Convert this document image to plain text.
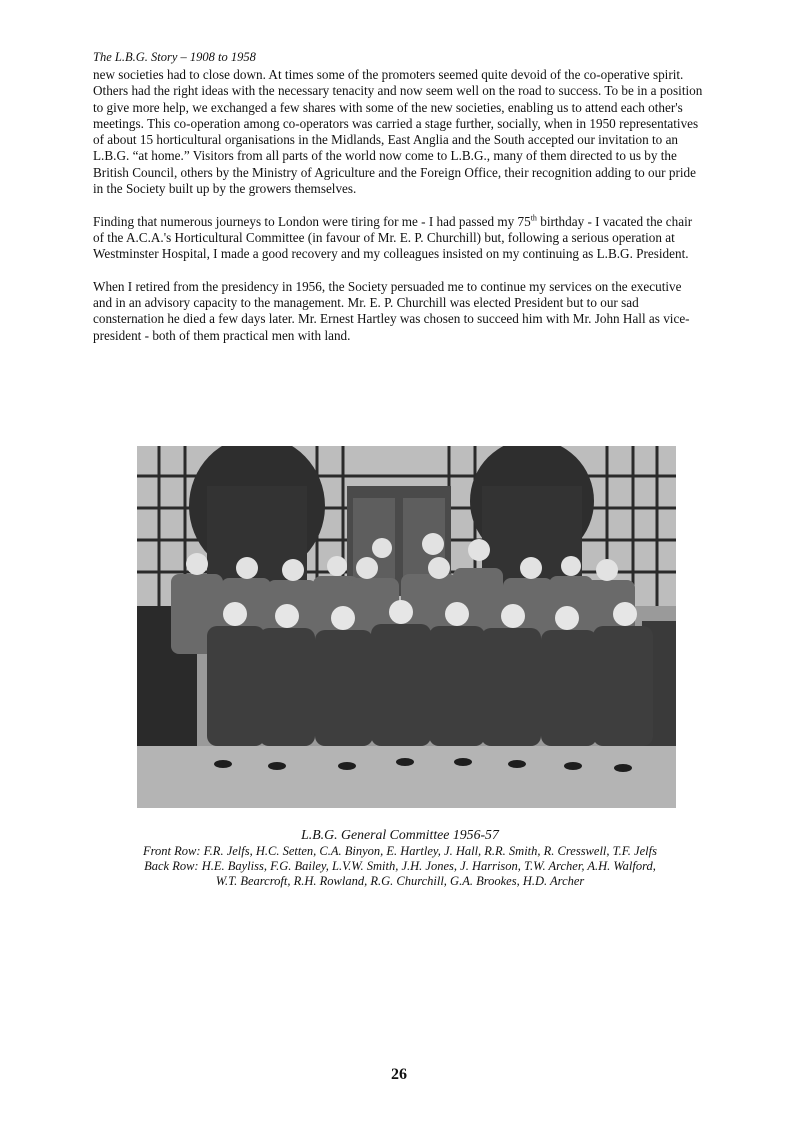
The L.B.G. Story – 1908 to 1958

new societies had to close down. At times some of the promoters seemed quite devoid of the co-operative spirit. Others had the right ideas with the necessary tenacity and now seem well on the road to success. To be in a position to give more help, we exchanged a few shares with some of the new societies, enabling us to attend each other's meetings. This co-operation among co-operators was carried a stage further, socially, when in 1950 representatives of about 15 horticultural organisations in the Midlands, East Anglia and the South accepted our invitation to an L.B.G. “at home.” Visitors from all parts of the world now come to L.B.G., many of them directed to us by the British Council, others by the Ministry of Agriculture and the Foreign Office, their recognition adding to our pride in the Society built up by the growers themselves.

Finding that numerous journeys to London were tiring for me - I had passed my 75th birthday - I vacated the chair of the A.C.A.'s Horticultural Committee (in favour of Mr. E. P. Churchill) but, following a serious operation at Westminster Hospital, I made a good recovery and my colleagues insisted on my continuing as L.B.G. President.

When I retired from the presidency in 1956, the Society persuaded me to continue my services on the executive and in an advisory capacity to the management. Mr. E. P. Churchill was elected President but to our sad consternation he died a few days later. Mr. Ernest Hartley was chosen to succeed him with Mr. John Hall as vice-president - both of them practical men with land.

L.B.G. General Committee 1956-57
Front Row: F.R. Jelfs, H.C. Setten, C.A. Binyon, E. Hartley, J. Hall, R.R. Smith, R. Cresswell, T.F. Jelfs
Back Row: H.E. Bayliss, F.G. Bailey, L.V.W. Smith, J.H. Jones, J. Harrison, T.W. Archer, A.H. Walford,
W.T. Bearcroft, R.H. Rowland, R.G. Churchill, G.A. Brookes, H.D. Archer
26
